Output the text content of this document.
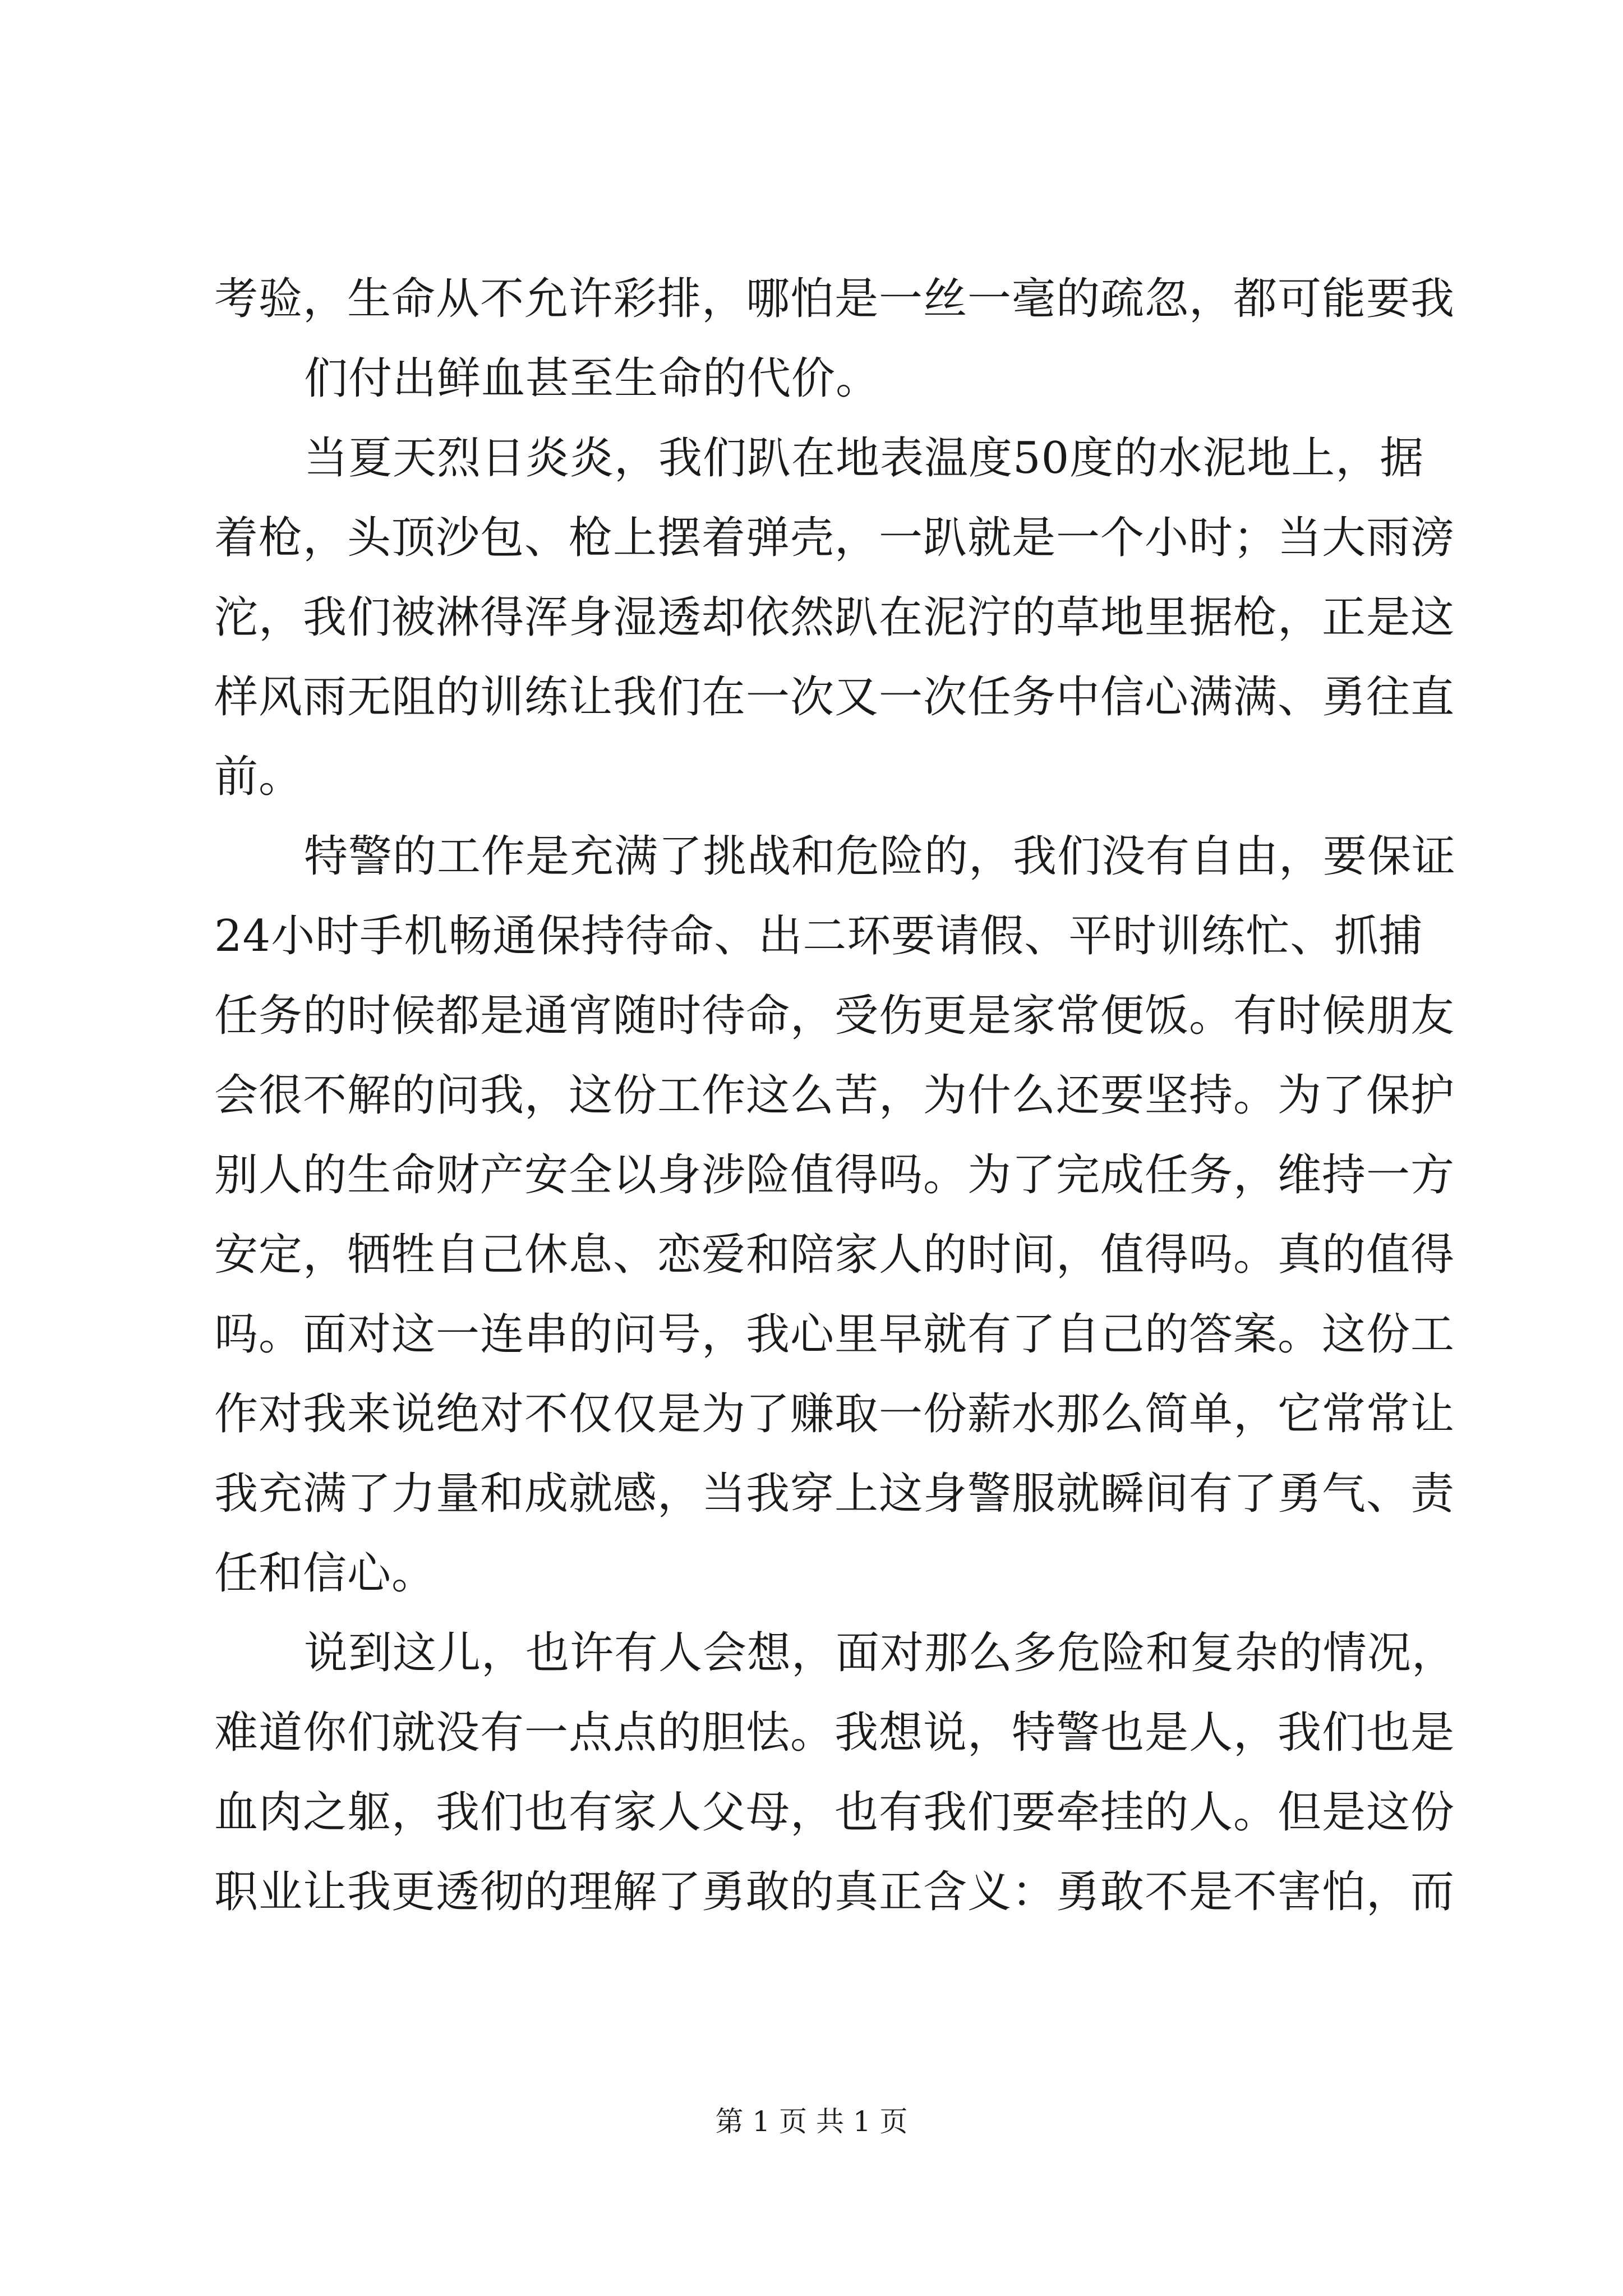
考验，生命从不允许彩排，哪怕是一丝一毫的疏忽，都可能要我
们付出鲜血甚至生命的代价。
当夏天烈日炎炎，我们趴在地表温度50度的水泥地上，据
着枪，头顶沙包、枪上摆着弹壳，一趴就是一个小时；当大雨滂
沱，我们被淋得浑身湿透却依然趴在泥泞的草地里据枪，正是这
样风雨无阻的训练让我们在一次又一次任务中信心满满、勇往直
前。
特警的工作是充满了挑战和危险的，我们没有自由，要保证
24小时手机畅通保持待命、出二环要请假、平时训练忙、抓捕
任务的时候都是通宵随时待命，受伤更是家常便饭。有时候朋友
会很不解的问我，这份工作这么苦，为什么还要坚持。为了保护
别人的生命财产安全以身涉险值得吗。为了完成任务，维持一方
安定，牺牲自己休息、恋爱和陪家人的时间，值得吗。真的值得
吗。面对这一连串的问号，我心里早就有了自己的答案。这份工
作对我来说绝对不仅仅是为了赚取一份薪水那么简单，它常常让
我充满了力量和成就感，当我穿上这身警服就瞬间有了勇气、责
任和信心。
说到这儿，也许有人会想，面对那么多危险和复杂的情况，
难道你们就没有一点点的胆怯。我想说，特警也是人，我们也是
血肉之躯，我们也有家人父母，也有我们要牵挂的人。但是这份
职业让我更透彻的理解了勇敢的真正含义：勇敢不是不害怕，而
第 1 页 共 1 页
